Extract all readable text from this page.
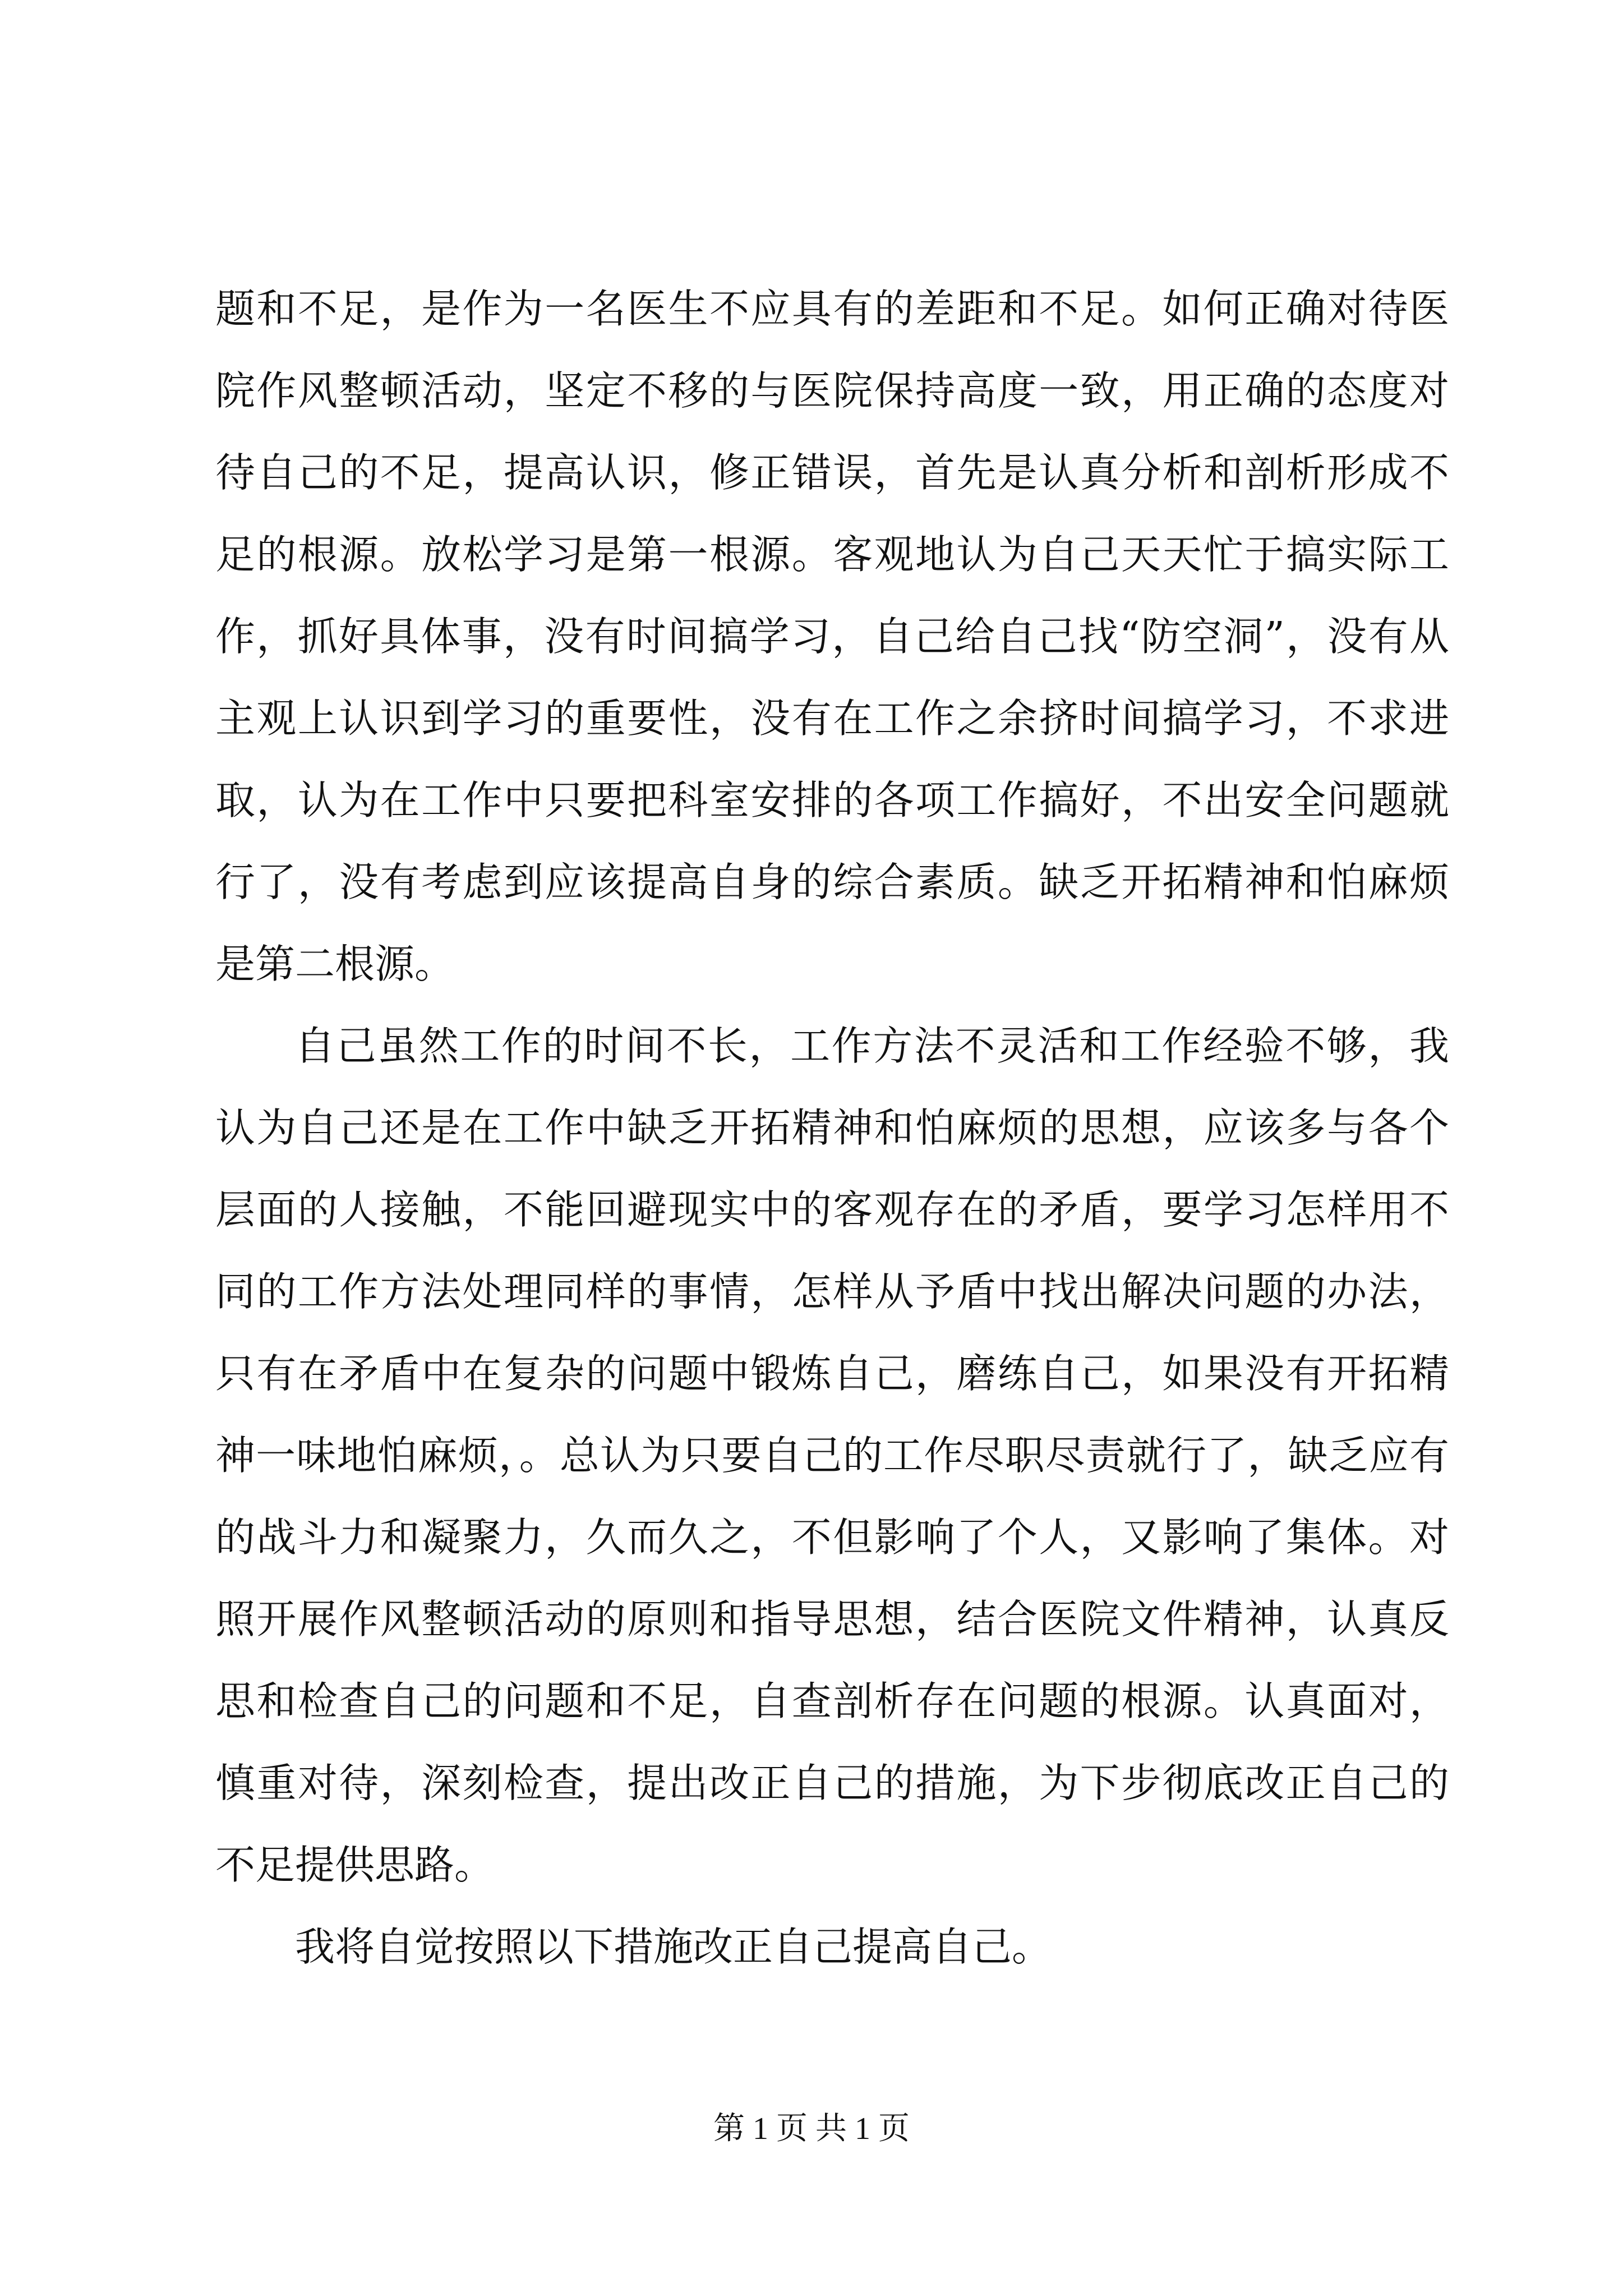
题和不足，是作为一名医生不应具有的差距和不足。如何正确对待医院作风整顿活动，坚定不移的与医院保持高度一致，用正确的态度对待自己的不足，提高认识，修正错误，首先是认真分析和剖析形成不足的根源。放松学习是第一根源。客观地认为自己天天忙于搞实际工作，抓好具体事，没有时间搞学习，自己给自己找“防空洞”，没有从主观上认识到学习的重要性，没有在工作之余挤时间搞学习，不求进取，认为在工作中只要把科室安排的各项工作搞好，不出安全问题就行了，没有考虑到应该提高自身的综合素质。缺乏开拓精神和怕麻烦是第二根源。

自己虽然工作的时间不长，工作方法不灵活和工作经验不够，我认为自己还是在工作中缺乏开拓精神和怕麻烦的思想，应该多与各个层面的人接触，不能回避现实中的客观存在的矛盾，要学习怎样用不同的工作方法处理同样的事情，怎样从予盾中找出解决问题的办法，只有在矛盾中在复杂的问题中锻炼自己，磨练自己，如果没有开拓精神一味地怕麻烦，。总认为只要自己的工作尽职尽责就行了，缺乏应有的战斗力和凝聚力，久而久之，不但影响了个人，又影响了集体。对照开展作风整顿活动的原则和指导思想，结合医院文件精神，认真反思和检查自己的问题和不足，自查剖析存在问题的根源。认真面对，慎重对待，深刻检查，提出改正自己的措施，为下步彻底改正自己的不足提供思路。

我将自觉按照以下措施改正自己提高自己。

第 1 页 共 1 页
